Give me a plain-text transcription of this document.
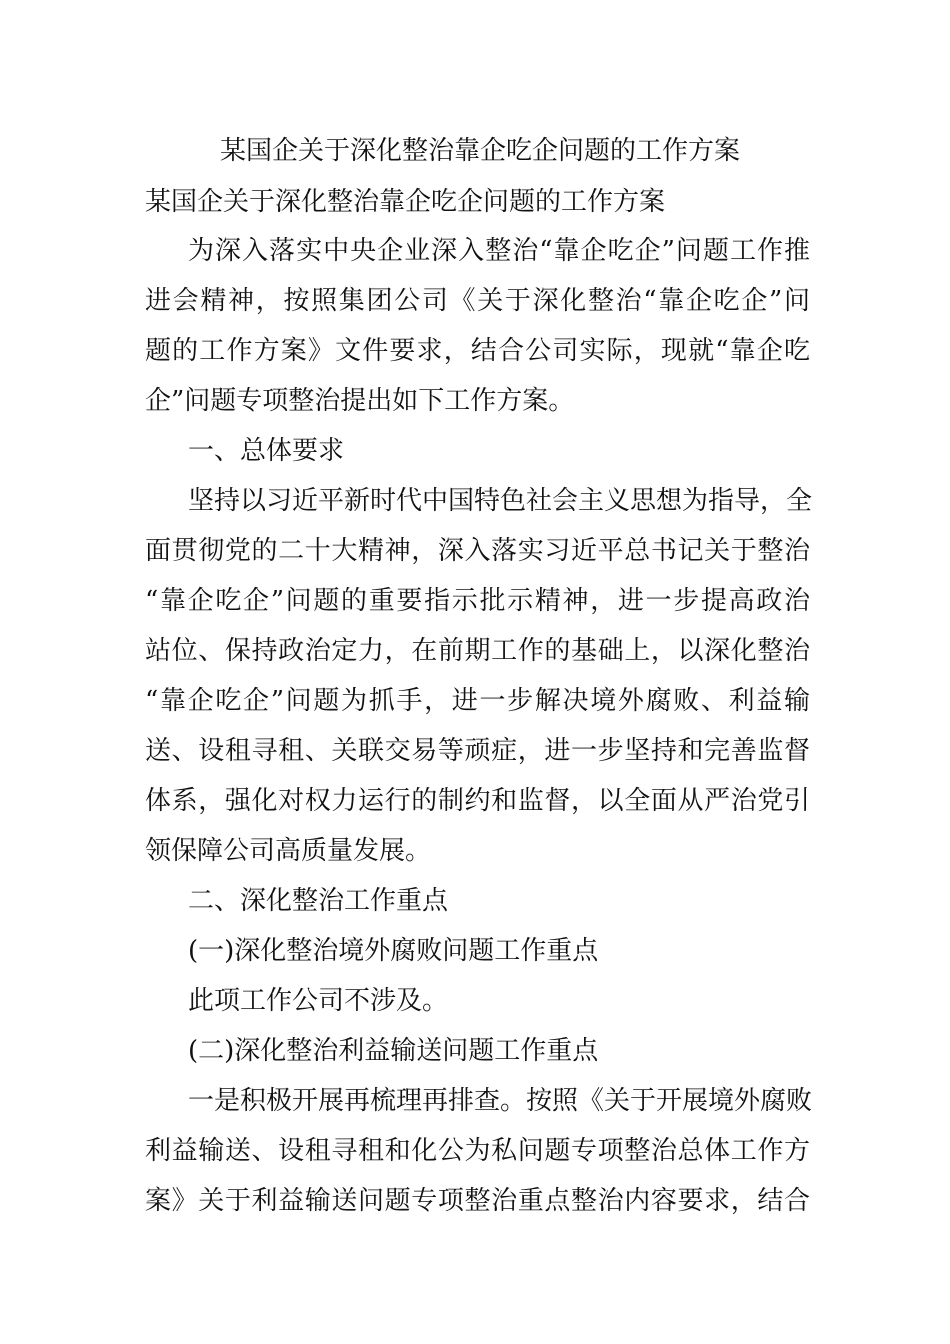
某国企关于深化整治靠企吃企问题的工作方案
某国企关于深化整治靠企吃企问题的工作方案
为深入落实中央企业深入整治“靠企吃企”问题工作推
进会精神，按照集团公司《关于深化整治“靠企吃企”问
题的工作方案》文件要求，结合公司实际，现就“靠企吃
企”问题专项整治提出如下工作方案。
一、总体要求
坚持以习近平新时代中国特色社会主义思想为指导，全
面贯彻党的二十大精神，深入落实习近平总书记关于整治
“靠企吃企”问题的重要指示批示精神，进一步提高政治
站位、保持政治定力，在前期工作的基础上，以深化整治
“靠企吃企”问题为抓手，进一步解决境外腐败、利益输
送、设租寻租、关联交易等顽症，进一步坚持和完善监督
体系，强化对权力运行的制约和监督，以全面从严治党引
领保障公司高质量发展。
二、深化整治工作重点
(一)深化整治境外腐败问题工作重点
此项工作公司不涉及。
(二)深化整治利益输送问题工作重点
一是积极开展再梳理再排查。按照《关于开展境外腐败
利益输送、设租寻租和化公为私问题专项整治总体工作方
案》关于利益输送问题专项整治重点整治内容要求，结合
